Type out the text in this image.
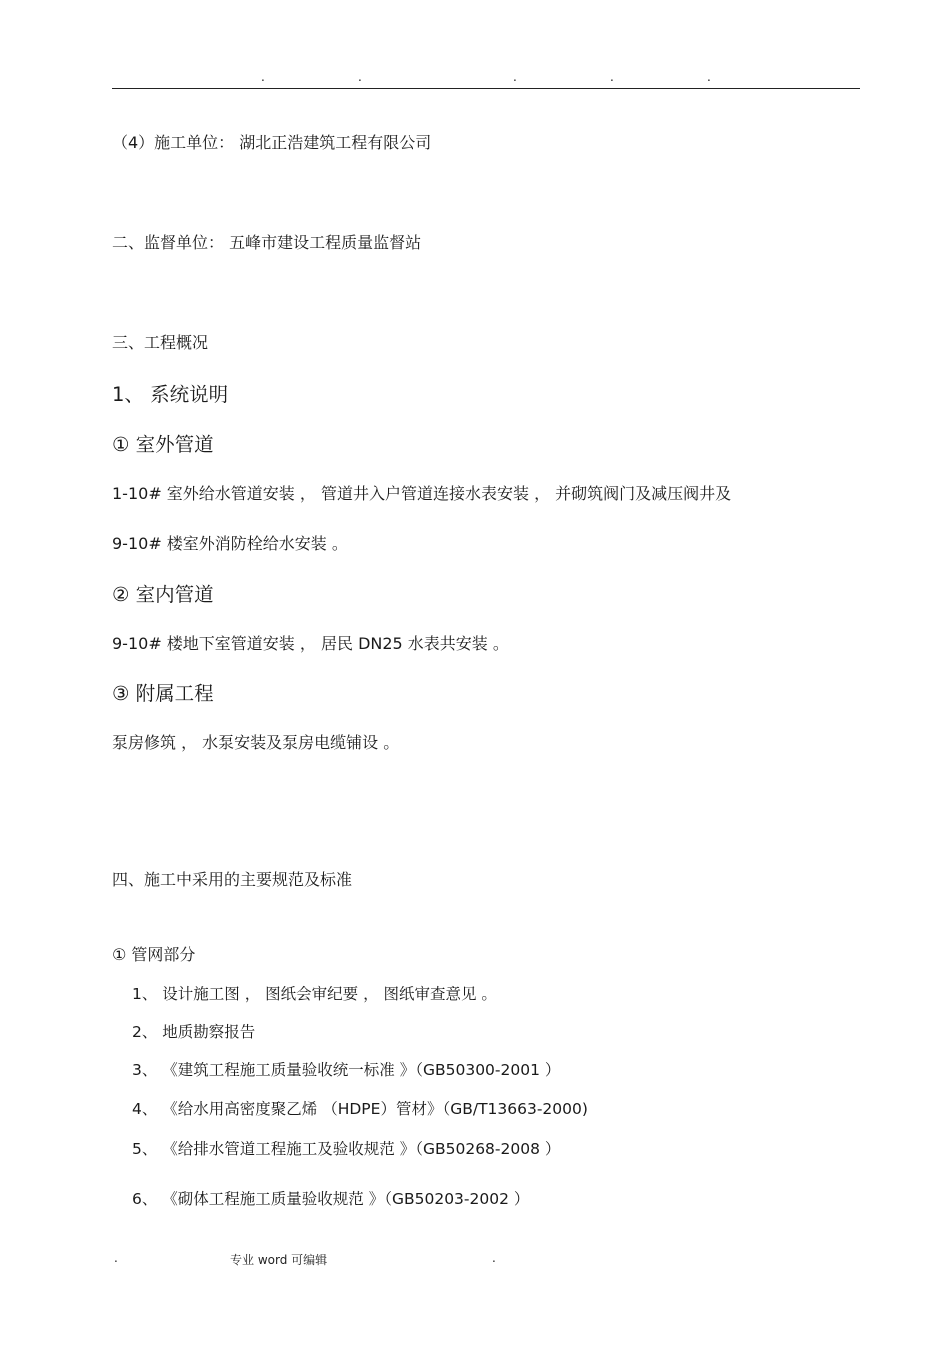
.	.	.	.	.
（4）施工单位： 湖北正浩建筑工程有限公司
二、监督单位： 五峰市建设工程质量监督站
三、工程概况
1、 系统说明
① 室外管道
1-10# 室外给水管道安装 ， 管道井入户管道连接水表安装 ， 并砌筑阀门及减压阀井及
9-10# 楼室外消防栓给水安装 。
② 室内管道
9-10# 楼地下室管道安装 ， 居民 DN25 水表共安装 。
③ 附属工程
泵房修筑 ， 水泵安装及泵房电缆铺设 。
四、施工中采用的主要规范及标准
① 管网部分
1、 设计施工图 ， 图纸会审纪要 ， 图纸审查意见 。
2、 地质勘察报告
3、 《建筑工程施工质量验收统一标准 》（GB50300-2001 ）
4、 《给水用高密度聚乙烯 （HDPE）管材》（GB/T13663-2000)
5、 《给排水管道工程施工及验收规范 》（GB50268-2008 ）
6、 《砌体工程施工质量验收规范 》（GB50203-2002 ）
.	专业 word 可编辑	.
